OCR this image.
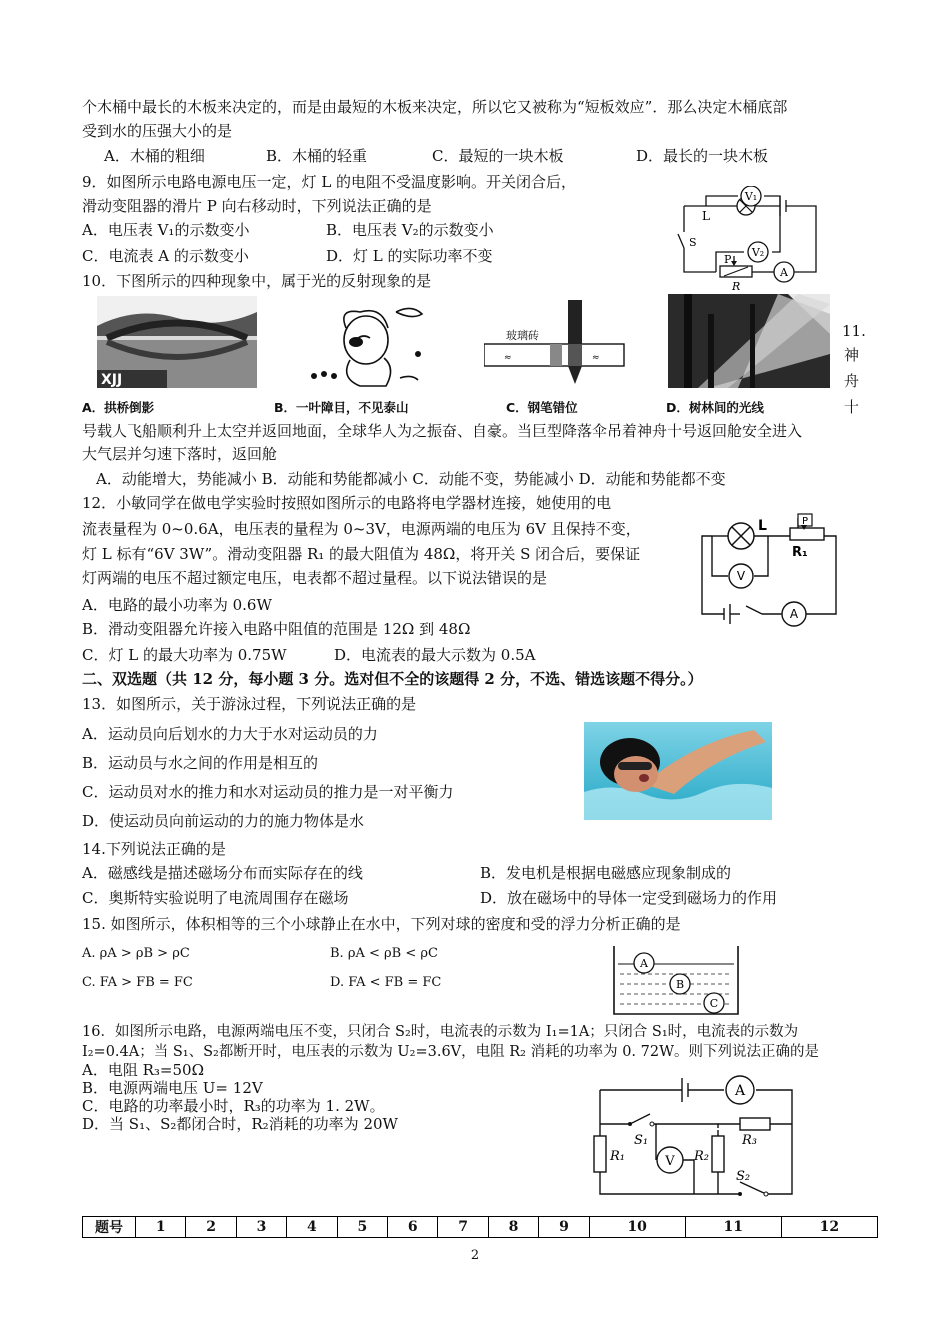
个木桶中最长的木板来决定的，而是由最短的木板来决定，所以它又被称为“短板效应”．那么决定木桶底部
受到水的压强大小的是
A．木桶的粗细	B．木桶的轻重	C．最短的一块木板	D．最长的一块木板
9．如图所示电路电源电压一定，灯 L 的电阻不受温度影响。开关闭合后，
滑动变阻器的滑片 P 向右移动时，下列说法正确的是
A．电压表 V₁的示数变小	B．电压表 V₂的示数变小
C．电流表 A 的示数变小	D．灯 L 的实际功率不变
V₁
V₂
A
L
S
P
R
10．下图所示的四种现象中，属于光的反射现象的是
XJJ
玻璃砖
≈	≈
11.
神
舟
十
A．拱桥倒影	B．一叶障目，不见泰山	C．钢笔错位	D．树林间的光线
号载人飞船顺利升上太空并返回地面，全球华人为之振奋、自豪。当巨型降落伞吊着神舟十号返回舱安全进入
大气层并匀速下落时，返回舱
A．动能增大，势能减小 B．动能和势能都减小 C．动能不变，势能减小 D．动能和势能都不变
12．小敏同学在做电学实验时按照如图所示的电路将电学器材连接，她使用的电
流表量程为 0~0.6A，电压表的量程为 0~3V，电源两端的电压为 6V 且保持不变，
灯 L 标有“6V 3W”。滑动变阻器 R₁ 的最大阻值为 48Ω，将开关 S 闭合后，要保证
灯两端的电压不超过额定电压，电表都不超过量程。以下说法错误的是
A．电路的最小功率为 0.6W
B．滑动变阻器允许接入电路中阻值的范围是 12Ω 到 48Ω
C．灯 L 的最大功率为 0.75W	D．电流表的最大示数为 0.5A
L	P
R₁
V
A
二、双选题（共 12 分，每小题 3 分。选对但不全的该题得 2 分，不选、错选该题不得分。）
13．如图所示，关于游泳过程，下列说法正确的是
A．运动员向后划水的力大于水对运动员的力
B．运动员与水之间的作用是相互的
C．运动员对水的推力和水对运动员的推力是一对平衡力
D．使运动员向前运动的力的施力物体是水
14.下列说法正确的是
A．磁感线是描述磁场分布而实际存在的线	B．发电机是根据电磁感应现象制成的
C．奥斯特实验说明了电流周围存在磁场	D．放在磁场中的导体一定受到磁场力的作用
15. 如图所示，体积相等的三个小球静止在水中，下列对球的密度和受的浮力分析正确的是
A. ρA > ρB > ρC	B. ρA < ρB < ρC
C. FA > FB = FC	D. FA < FB = FC
A
B
C
16．如图所示电路，电源两端电压不变，只闭合 S₂时，电流表的示数为 I₁=1A；只闭合 S₁时，电流表的示数为
I₂=0.4A；当 S₁、S₂都断开时，电压表的示数为 U₂=3.6V，电阻 R₂ 消耗的功率为 0. 72W。则下列说法正确的是
A．电阻 R₃=50Ω
B．电源两端电压 U= 12V
C．电路的功率最小时，R₃的功率为 1. 2W。
D．当 S₁、S₂都闭合时，R₂消耗的功率为 20W
A
V
S₁
S₂
R₁	R₂
R₃
题号	1	2	3	4	5	6	7	8	9	10	11	12
2
